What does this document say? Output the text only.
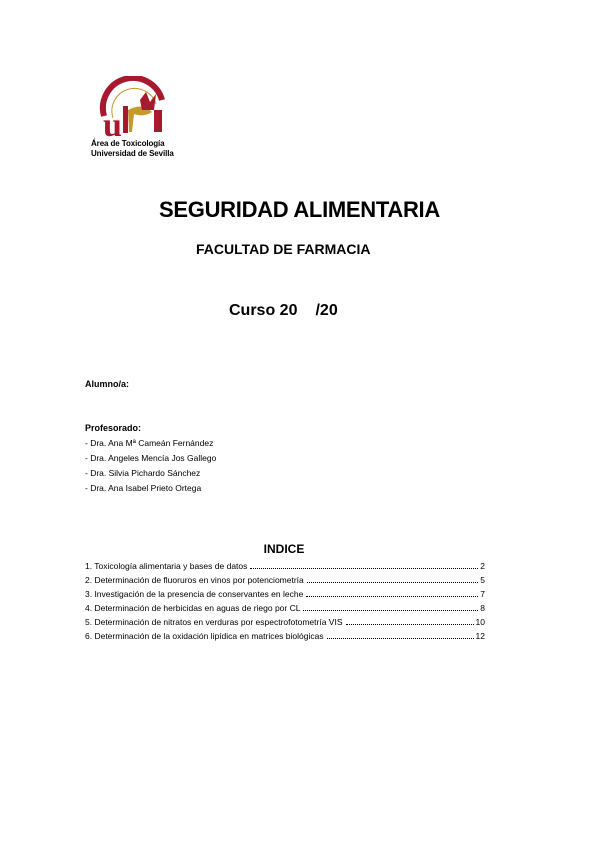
u
Área de Toxicología
Universidad de Sevilla
SEGURIDAD ALIMENTARIA
FACULTAD DE FARMACIA
Curso 20 /20
Alumno/a:
Profesorado:
- Dra. Ana Mª Cameán Fernández
- Dra. Angeles Mencía Jos Gallego
- Dra. Silvia Pichardo Sánchez
- Dra. Ana Isabel Prieto Ortega
INDICE
1. Toxicología alimentaria y bases de datos	2
2. Determinación de fluoruros en vinos por potenciometría	5
3. Investigación de la presencia de conservantes en leche	7
4. Determinación de herbicidas en aguas de riego por CL	8
5. Determinación de nitratos en verduras por espectrofotometría VIS	10
6. Determinación de la oxidación lipídica en matrices biológicas	12
